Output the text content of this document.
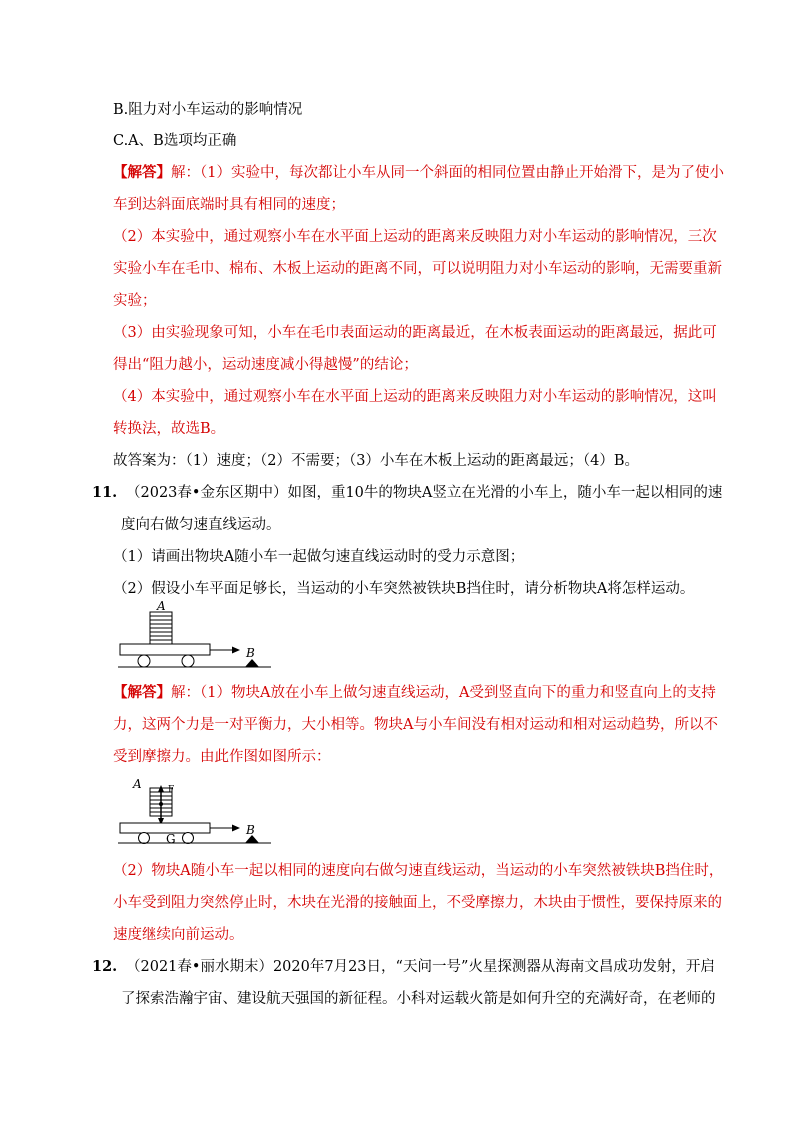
B.阻力对小车运动的影响情况
C.A、B选项均正确
【解答】解：（1）实验中，每次都让小车从同一个斜面的相同位置由静止开始滑下，是为了使小
车到达斜面底端时具有相同的速度；
（2）本实验中，通过观察小车在水平面上运动的距离来反映阻力对小车运动的影响情况，三次
实验小车在毛巾、棉布、木板上运动的距离不同，可以说明阻力对小车运动的影响，无需要重新
实验；
（3）由实验现象可知，小车在毛巾表面运动的距离最近，在木板表面运动的距离最远，据此可
得出“阻力越小，运动速度减小得越慢”的结论；
（4）本实验中，通过观察小车在水平面上运动的距离来反映阻力对小车运动的影响情况，这叫
转换法，故选B。
故答案为：（1）速度；（2）不需要；（3）小车在木板上运动的距离最远；（4）B。
11. （2023春•金东区期中）如图，重10牛的物块A竖立在光滑的小车上，随小车一起以相同的速
度向右做匀速直线运动。
（1）请画出物块A随小车一起做匀速直线运动时的受力示意图；
（2）假设小车平面足够长，当运动的小车突然被铁块B挡住时，请分析物块A将怎样运动。
A
B
【解答】解：（1）物块A放在小车上做匀速直线运动，A受到竖直向下的重力和竖直向上的支持
力，这两个力是一对平衡力，大小相等。物块A与小车间没有相对运动和相对运动趋势，所以不
受到摩擦力。由此作图如图所示：
A	F
G
B
（2）物块A随小车一起以相同的速度向右做匀速直线运动，当运动的小车突然被铁块B挡住时，
小车受到阻力突然停止时，木块在光滑的接触面上，不受摩擦力，木块由于惯性，要保持原来的
速度继续向前运动。
12. （2021春•丽水期末）2020年7月23日，“天问一号”火星探测器从海南文昌成功发射，开启
了探索浩瀚宇宙、建设航天强国的新征程。小科对运载火箭是如何升空的充满好奇，在老师的
